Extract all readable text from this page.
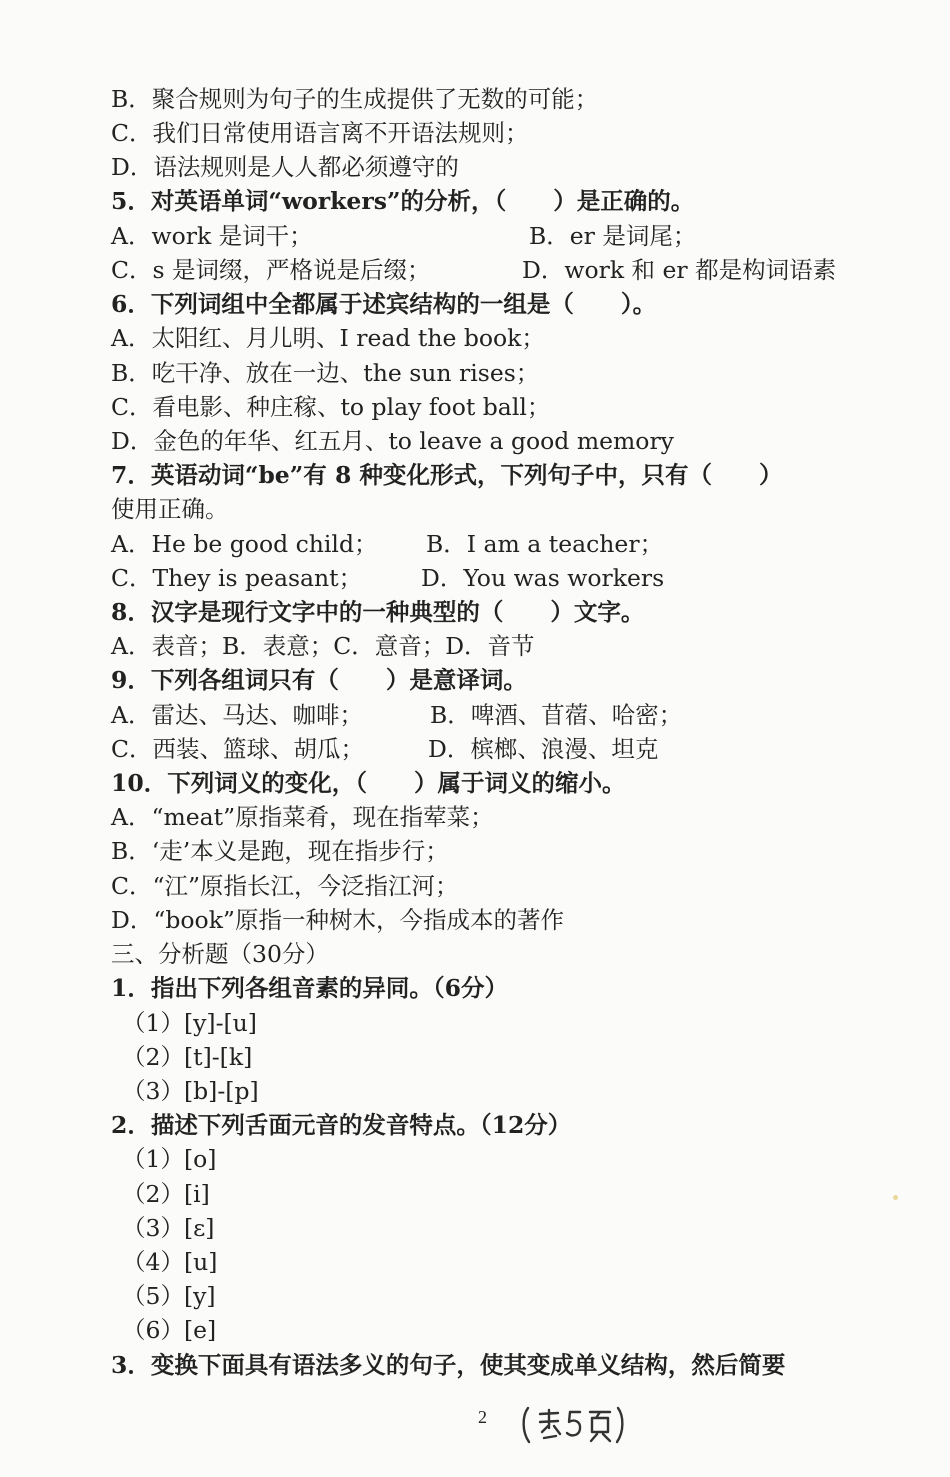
B．聚合规则为句子的生成提供了无数的可能；
C．我们日常使用语言离不开语法规则；
D．语法规则是人人都必须遵守的
5．对英语单词“workers”的分析，（　　）是正确的。
A．work 是词干；	B．er 是词尾；
C．s 是词缀，严格说是后缀；	D．work 和 er 都是构词语素
6．下列词组中全都属于述宾结构的一组是（　　）。
A．太阳红、月儿明、I read the book；
B．吃干净、放在一边、the sun rises；
C．看电影、种庄稼、to play foot ball；
D．金色的年华、红五月、to leave a good memory
7．英语动词“be”有 8 种变化形式，下列句子中，只有（　　）
使用正确。
A．He be good child； B．I am a teacher；
C．They is peasant；	D．You was workers
8．汉字是现行文字中的一种典型的（　　）文字。
A．表音；B．表意；C．意音；D．音节
9．下列各组词只有（　　）是意译词。
A．雷达、马达、咖啡；	B．啤酒、苜蓿、哈密；
C．西装、篮球、胡瓜；	D．槟榔、浪漫、坦克
10．下列词义的变化，（　　）属于词义的缩小。
A．“meat”原指菜肴，现在指荤菜；
B．‘走’本义是跑，现在指步行；
C．“江”原指长江，今泛指江河；
D．“book”原指一种树木，今指成本的著作
三、分析题（30分）
1．指出下列各组音素的异同。（6分）
（1）[y]-[u]
（2）[t]-[k]
（3）[b]-[p]
2．描述下列舌面元音的发音特点。（12分）
（1）[o]
（2）[i]
（3）[ε]
（4）[u]
（5）[y]
（6）[e]
3．变换下面具有语法多义的句子，使其变成单义结构，然后简要
2
